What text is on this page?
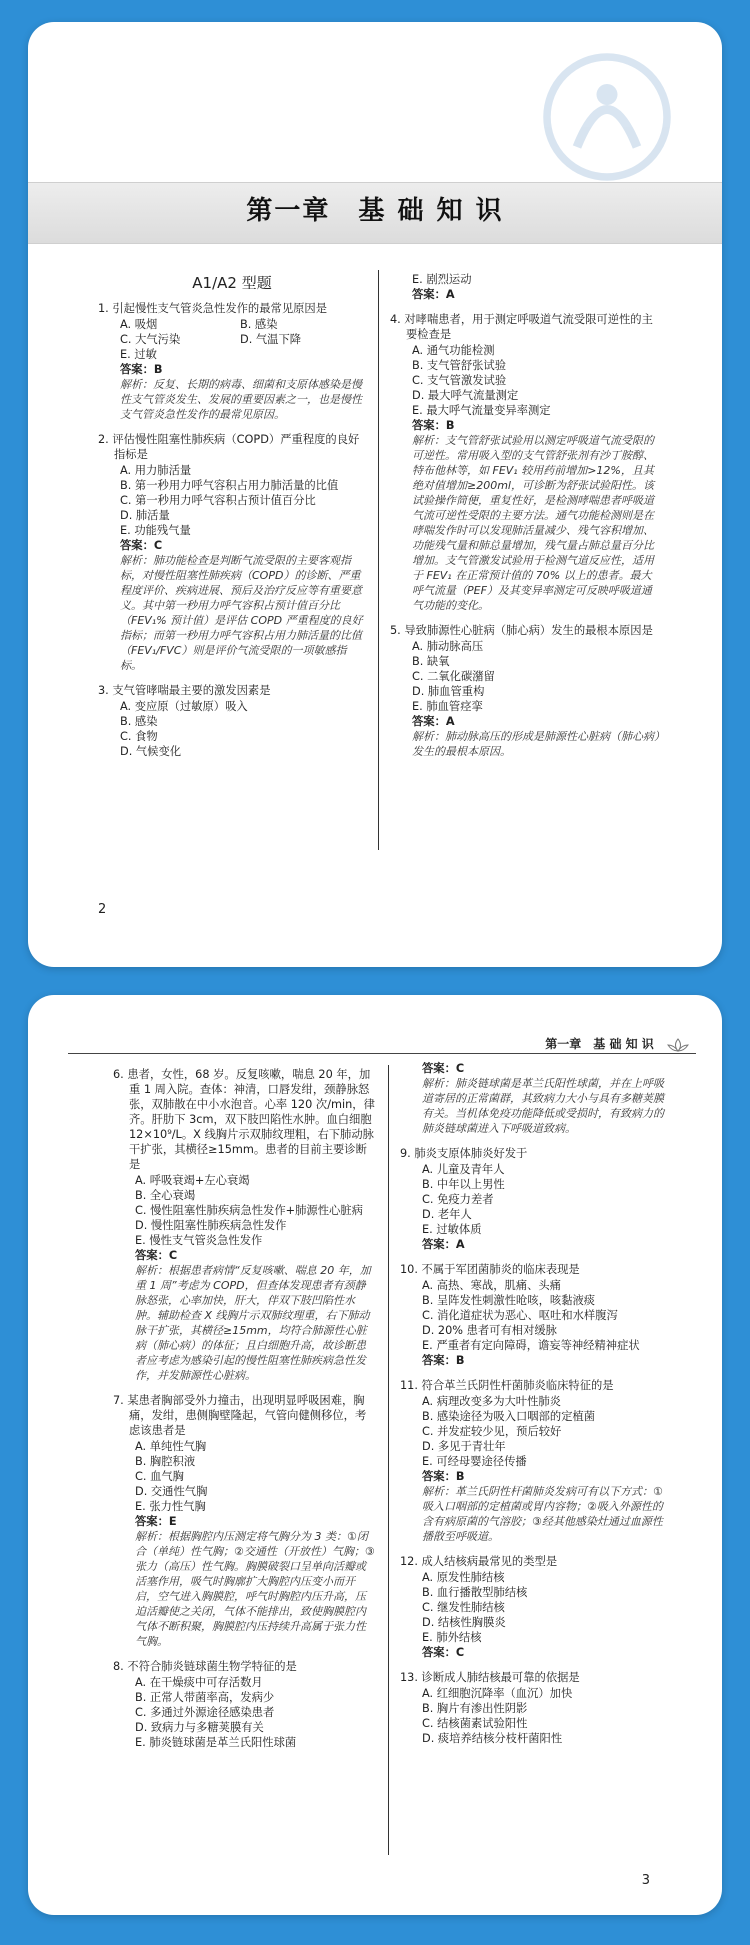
第一章　基 础 知 识
A1/A2 型题
1. 引起慢性支气管炎急性发作的最常见原因是
A. 吸烟	B. 感染
C. 大气污染	D. 气温下降
E. 过敏
答案：B
解析：反复、长期的病毒、细菌和支原体感染是慢性支气管炎发生、发展的重要因素之一，也是慢性支气管炎急性发作的最常见原因。
2. 评估慢性阻塞性肺疾病（COPD）严重程度的良好指标是
A. 用力肺活量
B. 第一秒用力呼气容积占用力肺活量的比值
C. 第一秒用力呼气容积占预计值百分比
D. 肺活量
E. 功能残气量
答案：C
解析：肺功能检查是判断气流受限的主要客观指标，对慢性阻塞性肺疾病（COPD）的诊断、严重程度评价、疾病进展、预后及治疗反应等有重要意义。其中第一秒用力呼气容积占预计值百分比（FEV₁% 预计值）是评估 COPD 严重程度的良好指标；而第一秒用力呼气容积占用力肺活量的比值（FEV₁/FVC）则是评价气流受限的一项敏感指标。
3. 支气管哮喘最主要的激发因素是
A. 变应原（过敏原）吸入
B. 感染
C. 食物
D. 气候变化
E. 剧烈运动
答案：A
4. 对哮喘患者，用于测定呼吸道气流受限可逆性的主要检查是
A. 通气功能检测
B. 支气管舒张试验
C. 支气管激发试验
D. 最大呼气流量测定
E. 最大呼气流量变异率测定
答案：B
解析：支气管舒张试验用以测定呼吸道气流受限的可逆性。常用吸入型的支气管舒张剂有沙丁胺醇、特布他林等，如 FEV₁ 较用药前增加>12%，且其绝对值增加≥200ml，可诊断为舒张试验阳性。该试验操作简便，重复性好，是检测哮喘患者呼吸道气流可逆性受限的主要方法。通气功能检测则是在哮喘发作时可以发现肺活量减少、残气容积增加、功能残气量和肺总量增加，残气量占肺总量百分比增加。支气管激发试验用于检测气道反应性，适用于 FEV₁ 在正常预计值的 70% 以上的患者。最大呼气流量（PEF）及其变异率测定可反映呼吸道通气功能的变化。
5. 导致肺源性心脏病（肺心病）发生的最根本原因是
A. 肺动脉高压
B. 缺氧
C. 二氧化碳潴留
D. 肺血管重构
E. 肺血管痉挛
答案：A
解析：肺动脉高压的形成是肺源性心脏病（肺心病）发生的最根本原因。
2
第一章　基 础 知 识
6. 患者，女性，68 岁。反复咳嗽，喘息 20 年，加重 1 周入院。查体：神清，口唇发绀，颈静脉怒张，双肺散在中小水泡音。心率 120 次/min，律齐。肝肋下 3cm，双下肢凹陷性水肿。血白细胞 12×10⁹/L。X 线胸片示双肺纹理粗，右下肺动脉干扩张，其横径≥15mm。患者的目前主要诊断是
A. 呼吸衰竭+左心衰竭
B. 全心衰竭
C. 慢性阻塞性肺疾病急性发作+肺源性心脏病
D. 慢性阻塞性肺疾病急性发作
E. 慢性支气管炎急性发作
答案：C
解析：根据患者病情“反复咳嗽、喘息 20 年，加重 1 周”考虑为 COPD，但查体发现患者有颈静脉怒张，心率加快，肝大，伴双下肢凹陷性水肿。辅助检查 X 线胸片示双肺纹理重，右下肺动脉干扩张，其横径≥15mm，均符合肺源性心脏病（肺心病）的体征；且白细胞升高，故诊断患者应考虑为感染引起的慢性阻塞性肺疾病急性发作，并发肺源性心脏病。
7. 某患者胸部受外力撞击，出现明显呼吸困难，胸痛，发绀，患侧胸壁隆起，气管向健侧移位，考虑该患者是
A. 单纯性气胸
B. 胸腔积液
C. 血气胸
D. 交通性气胸
E. 张力性气胸
答案：E
解析：根据胸腔内压测定将气胸分为 3 类：①闭合（单纯）性气胸；②交通性（开放性）气胸；③张力（高压）性气胸。胸膜破裂口呈单向活瓣或活塞作用，吸气时胸廓扩大胸腔内压变小而开启，空气进入胸膜腔，呼气时胸腔内压升高，压迫活瓣使之关闭，气体不能排出，致使胸膜腔内气体不断积聚，胸膜腔内压持续升高属于张力性气胸。
8. 不符合肺炎链球菌生物学特征的是
A. 在干燥痰中可存活数月
B. 正常人带菌率高，发病少
C. 多通过外源途径感染患者
D. 致病力与多糖荚膜有关
E. 肺炎链球菌是革兰氏阳性球菌
答案：C
解析：肺炎链球菌是革兰氏阳性球菌，并在上呼吸道寄居的正常菌群，其致病力大小与具有多糖荚膜有关。当机体免疫功能降低或受损时，有致病力的肺炎链球菌进入下呼吸道致病。
9. 肺炎支原体肺炎好发于
A. 儿童及青年人
B. 中年以上男性
C. 免疫力差者
D. 老年人
E. 过敏体质
答案：A
10. 不属于军团菌肺炎的临床表现是
A. 高热、寒战，肌痛、头痛
B. 呈阵发性刺激性呛咳，咳黏液痰
C. 消化道症状为恶心、呕吐和水样腹泻
D. 20% 患者可有相对缓脉
E. 严重者有定向障碍，谵妄等神经精神症状
答案：B
11. 符合革兰氏阴性杆菌肺炎临床特征的是
A. 病理改变多为大叶性肺炎
B. 感染途径为吸入口咽部的定植菌
C. 并发症较少见，预后较好
D. 多见于青壮年
E. 可经母婴途径传播
答案：B
解析：革兰氏阴性杆菌肺炎发病可有以下方式：①吸入口咽部的定植菌或胃内容物；②吸入外源性的含有病原菌的气溶胶；③经其他感染灶通过血源性播散至呼吸道。
12. 成人结核病最常见的类型是
A. 原发性肺结核
B. 血行播散型肺结核
C. 继发性肺结核
D. 结核性胸膜炎
E. 肺外结核
答案：C
13. 诊断成人肺结核最可靠的依据是
A. 红细胞沉降率（血沉）加快
B. 胸片有渗出性阴影
C. 结核菌素试验阳性
D. 痰培养结核分枝杆菌阳性
3
